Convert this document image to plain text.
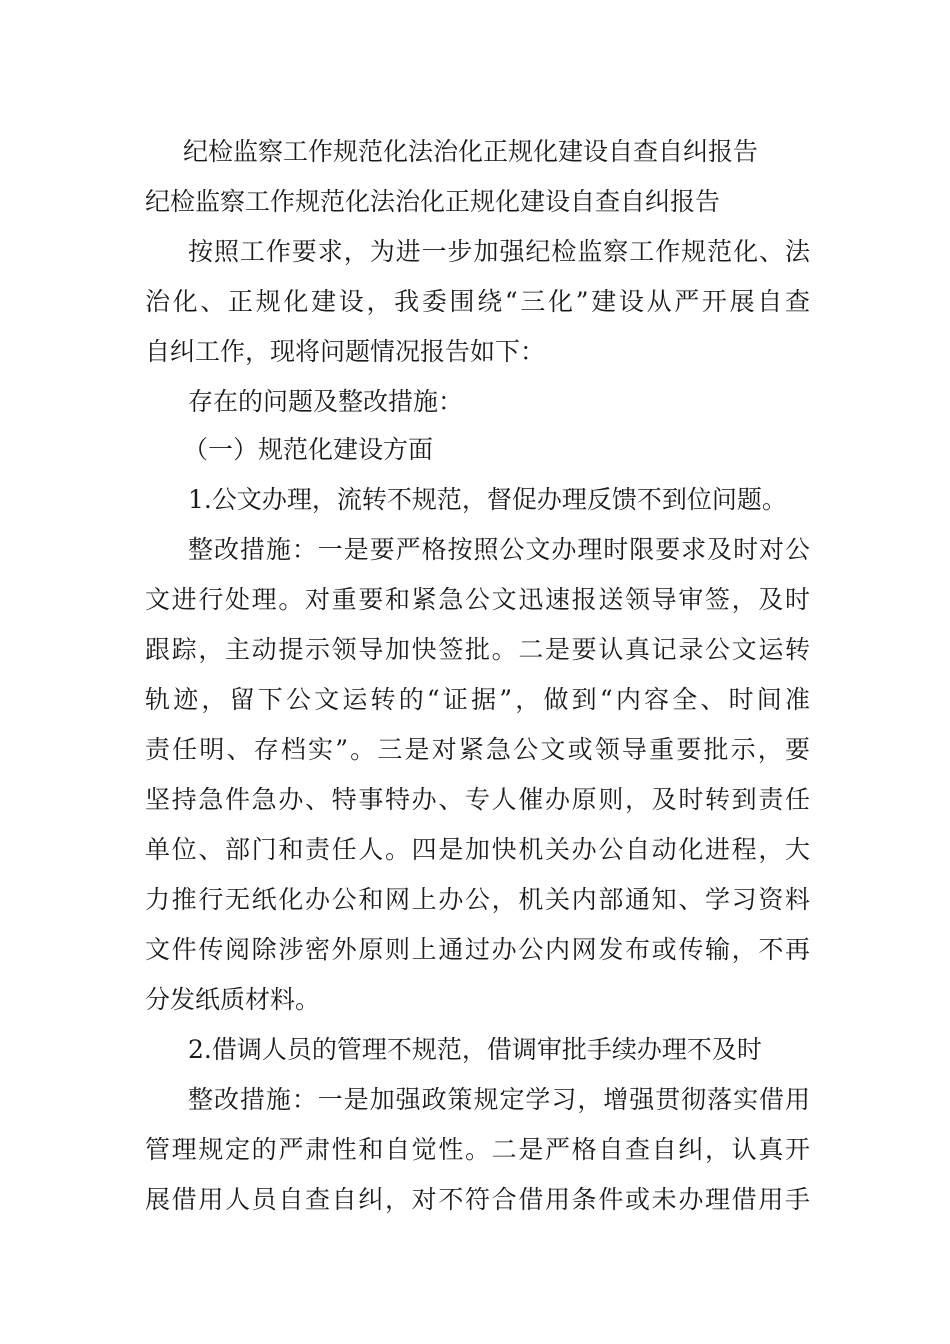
纪检监察工作规范化法治化正规化建设自查自纠报告
纪检监察工作规范化法治化正规化建设自查自纠报告
按照工作要求，为进一步加强纪检监察工作规范化、法
治化、正规化建设，我委围绕“三化”建设从严开展自查
自纠工作，现将问题情况报告如下：
存在的问题及整改措施：
（一）规范化建设方面
1.公文办理，流转不规范，督促办理反馈不到位问题。
整改措施：一是要严格按照公文办理时限要求及时对公
文进行处理。对重要和紧急公文迅速报送领导审签，及时
跟踪，主动提示领导加快签批。二是要认真记录公文运转
轨迹，留下公文运转的“证据”，做到“内容全、时间准
责任明、存档实”。三是对紧急公文或领导重要批示，要
坚持急件急办、特事特办、专人催办原则，及时转到责任
单位、部门和责任人。四是加快机关办公自动化进程，大
力推行无纸化办公和网上办公，机关内部通知、学习资料
文件传阅除涉密外原则上通过办公内网发布或传输，不再
分发纸质材料。
2.借调人员的管理不规范，借调审批手续办理不及时
整改措施：一是加强政策规定学习，增强贯彻落实借用
管理规定的严肃性和自觉性。二是严格自查自纠，认真开
展借用人员自查自纠，对不符合借用条件或未办理借用手
